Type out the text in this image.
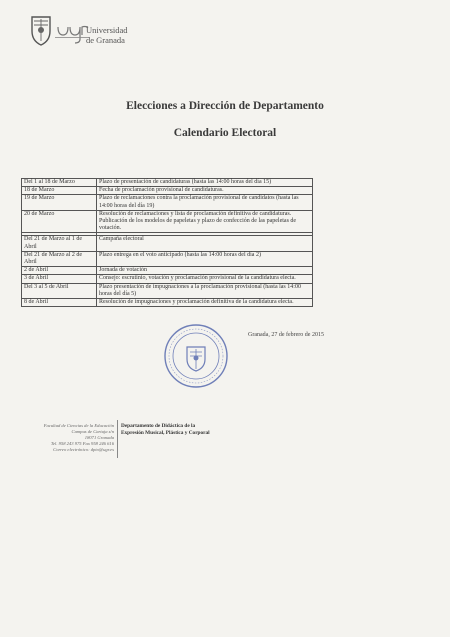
Universidad
de Granada
Elecciones a Dirección de Departamento
Calendario Electoral
Del 1 al 18 de Marzo	Plazo de presentación de candidaturas (hasta las 14:00 horas del día 15)
18 de Marzo	Fecha de proclamación provisional de candidaturas.
19 de Marzo	Plazo de reclamaciones contra la proclamación provisional de candidatos (hasta las 14:00 horas del día 19)
20 de Marzo	Resolución de reclamaciones y lista de proclamación definitiva de candidaturas. Publicación de los modelos de papeletas y plazo de confección de las papeletas de votación.

Del 21 de Marzo al 1 de Abril	Campaña electoral
Del 21 de Marzo al 2 de Abril	Plazo entrega en el voto anticipado (hasta las 14:00 horas del día 2)
2 de Abril	Jornada de votación
3 de Abril	Consejo: escrutinio, votación y proclamación provisional de la candidatura electa.
Del 3 al 5 de Abril	Plazo presentación de impugnaciones a la proclamación provisional (hasta las 14:00 horas del día 5)
8 de Abril	Resolución de impugnaciones y proclamación definitiva de la candidatura electa.
Granada, 27 de febrero de 2015
Facultad de Ciencias de la Educación
Campus de Cartuja s/n
18071 Granada
Tel. 958 243 975 Fax 958 246 616
Correo electrónico: dpto@ugr.es
Departamento de Didáctica de la
Expresión Musical, Plástica y Corporal
